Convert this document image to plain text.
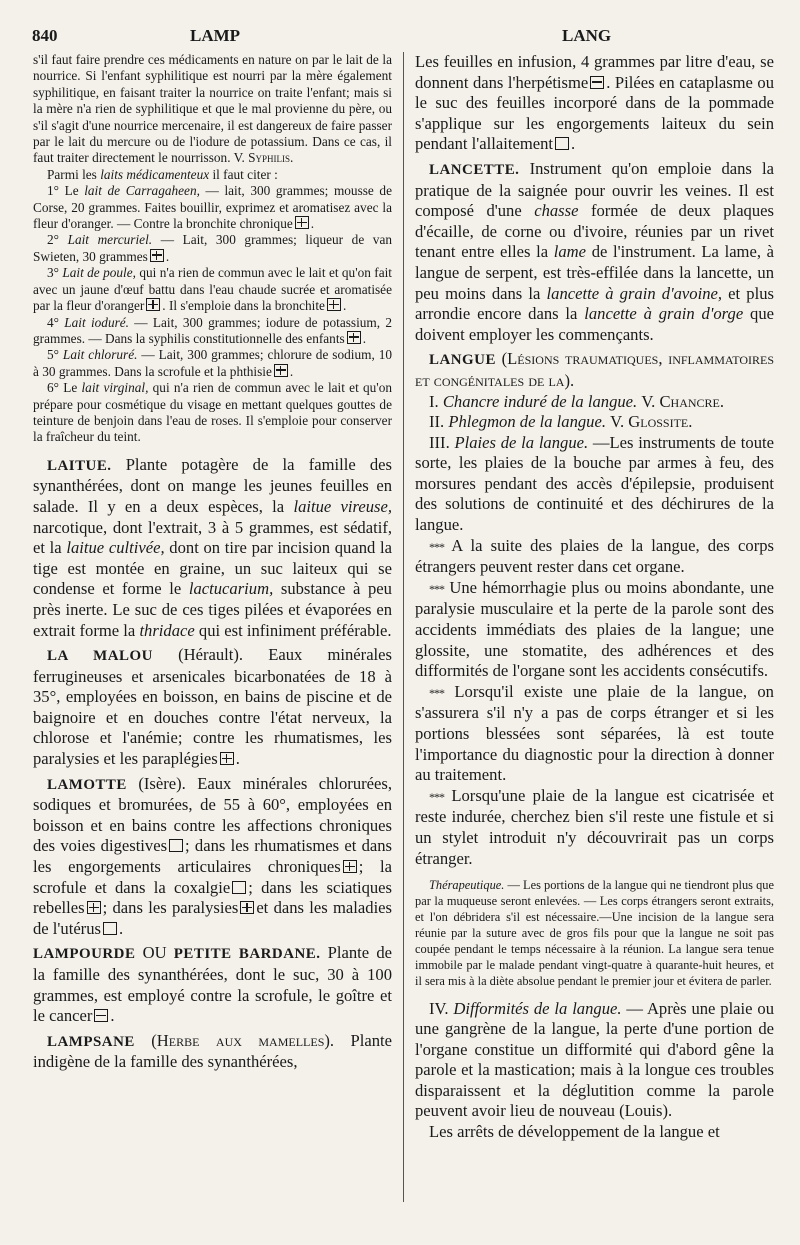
840	LAMP	LANG

s'il faut faire prendre ces médicaments en nature on par le lait de la nourrice. Si l'enfant syphilitique est nourri par la mère également syphilitique, en faisant traiter la nourrice on traite l'enfant; mais si la mère n'a rien de syphilitique et que le mal provienne du père, ou s'il s'agit d'une nourrice mercenaire, il est dangereux de faire passer par le lait du mercure ou de l'iodure de potassium. Dans ce cas, il faut traiter directement le nourrisson. V. Syphilis.

Parmi les laits médicamenteux il faut citer :

1° Le lait de Carragaheen, — lait, 300 grammes; mousse de Corse, 20 grammes. Faites bouillir, exprimez et aromatisez avec la fleur d'oranger. — Contre la bronchite chronique .

2° Lait mercuriel. — Lait, 300 grammes; liqueur de van Swieten, 30 grammes .

3° Lait de poule, qui n'a rien de commun avec le lait et qu'on fait avec un jaune d'œuf battu dans l'eau chaude sucrée et aromatisée par la fleur d'oranger . Il s'emploie dans la bronchite .

4° Lait ioduré. — Lait, 300 grammes; iodure de potassium, 2 grammes. — Dans la syphilis constitutionnelle des enfants .

5° Lait chloruré. — Lait, 300 grammes; chlorure de sodium, 10 à 30 grammes. Dans la scrofule et la phthisie .

6° Le lait virginal, qui n'a rien de commun avec le lait et qu'on prépare pour cosmétique du visage en mettant quelques gouttes de teinture de benjoin dans l'eau de roses. Il s'emploie pour conserver la fraîcheur du teint.

LAITUE. Plante potagère de la famille des synanthérées, dont on mange les jeunes feuilles en salade. Il y en a deux espèces, la laitue vireuse, narcotique, dont l'extrait, 3 à 5 grammes, est sédatif, et la laitue cultivée, dont on tire par incision quand la tige est montée en graine, un suc laiteux qui se condense et forme le lactucarium, substance à peu près inerte. Le suc de ces tiges pilées et évaporées en extrait forme la thridace qui est infiniment préférable.

LA MALOU (Hérault). Eaux minérales ferrugineuses et arsenicales bicarbonatées de 18 à 35°, employées en boisson, en bains de piscine et de baignoire et en douches contre l'état nerveux, la chlorose et l'anémie; contre les rhumatismes, les paralysies et les paraplégies .

LAMOTTE (Isère). Eaux minérales chlorurées, sodiques et bromurées, de 55 à 60°, employées en boisson et en bains contre les affections chroniques des voies digestives ; dans les rhumatismes et dans les engorgements articulaires chroniques ; la scrofule et dans la coxalgie ; dans les sciatiques rebelles ; dans les paralysies et dans les maladies de l'utérus .

LAMPOURDE OU PETITE BARDANE. Plante de la famille des synanthérées, dont le suc, 30 à 100 grammes, est employé contre la scrofule, le goître et le cancer .

LAMPSANE (Herbe aux mamelles). Plante indigène de la famille des synanthérées,

Les feuilles en infusion, 4 grammes par litre d'eau, se donnent dans l'herpétisme . Pilées en cataplasme ou le suc des feuilles incorporé dans de la pommade s'applique sur les engorgements laiteux du sein pendant l'allaitement .

LANCETTE. Instrument qu'on emploie dans la pratique de la saignée pour ouvrir les veines. Il est composé d'une chasse formée de deux plaques d'écaille, de corne ou d'ivoire, réunies par un rivet tenant entre elles la lame de l'instrument. La lame, à langue de serpent, est très-effilée dans la lancette, un peu moins dans la lancette à grain d'avoine, et plus arrondie encore dans la lancette à grain d'orge que doivent employer les commençants.

LANGUE (Lésions traumatiques, inflammatoires et congénitales de la).

I. Chancre induré de la langue. V. Chancre.

II. Phlegmon de la langue. V. Glossite.

III. Plaies de la langue. —Les instruments de toute sorte, les plaies de la bouche par armes à feu, des morsures pendant des accès d'épilepsie, produisent des solutions de continuité et des déchirures de la langue.

*** A la suite des plaies de la langue, des corps étrangers peuvent rester dans cet organe.

*** Une hémorrhagie plus ou moins abondante, une paralysie musculaire et la perte de la parole sont des accidents immédiats des plaies de la langue; une glossite, une stomatite, des adhérences et des difformités de l'organe sont les accidents consécutifs.

*** Lorsqu'il existe une plaie de la langue, on s'assurera s'il n'y a pas de corps étranger et si les portions blessées sont séparées, là est toute l'importance du diagnostic pour la direction à donner au traitement.

*** Lorsqu'une plaie de la langue est cicatrisée et reste indurée, cherchez bien s'il reste une fistule et si un stylet introduit n'y découvrirait pas un corps étranger.

Thérapeutique. — Les portions de la langue qui ne tiendront plus que par la muqueuse seront enlevées. — Les corps étrangers seront extraits, et l'on débridera s'il est nécessaire.—Une incision de la langue sera réunie par la suture avec de gros fils pour que la langue ne soit pas coupée pendant le temps nécessaire à la réunion. La langue sera tenue immobile par le malade pendant vingt-quatre à quarante-huit heures, et il sera mis à la diète absolue pendant le premier jour et évitera de parler.

IV. Difformités de la langue. — Après une plaie ou une gangrène de la langue, la perte d'une portion de l'organe constitue un difformité qui d'abord gêne la parole et la mastication; mais à la longue ces troubles disparaissent et la déglutition comme la parole peuvent avoir lieu de nouveau (Louis).

Les arrêts de développement de la langue et
